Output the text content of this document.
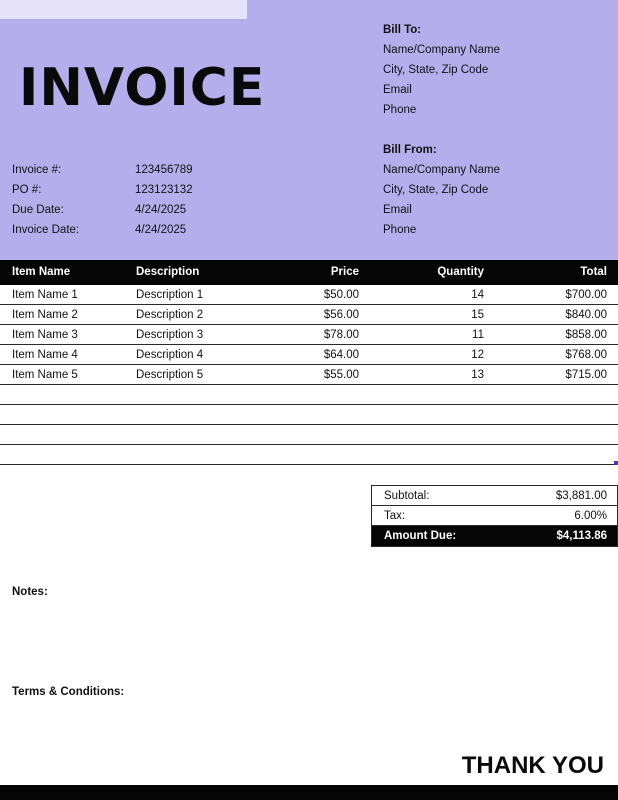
INVOICE
Bill To:
Name/Company Name
City, State, Zip Code
Email
Phone
Bill From:
Name/Company Name
City, State, Zip Code
Email
Phone
Invoice #:	123456789
PO #:	123123132
Due Date:	4/24/2025
Invoice Date:	4/24/2025
Item Name	Description	Price	Quantity	Total
Item Name 1	Description 1	$50.00	14	$700.00
Item Name 2	Description 2	$56.00	15	$840.00
Item Name 3	Description 3	$78.00	11	$858.00
Item Name 4	Description 4	$64.00	12	$768.00
Item Name 5	Description 5	$55.00	13	$715.00
Subtotal:	$3,881.00
Tax:	6.00%
Amount Due:	$4,113.86
Notes:
Terms & Conditions:
THANK YOU
